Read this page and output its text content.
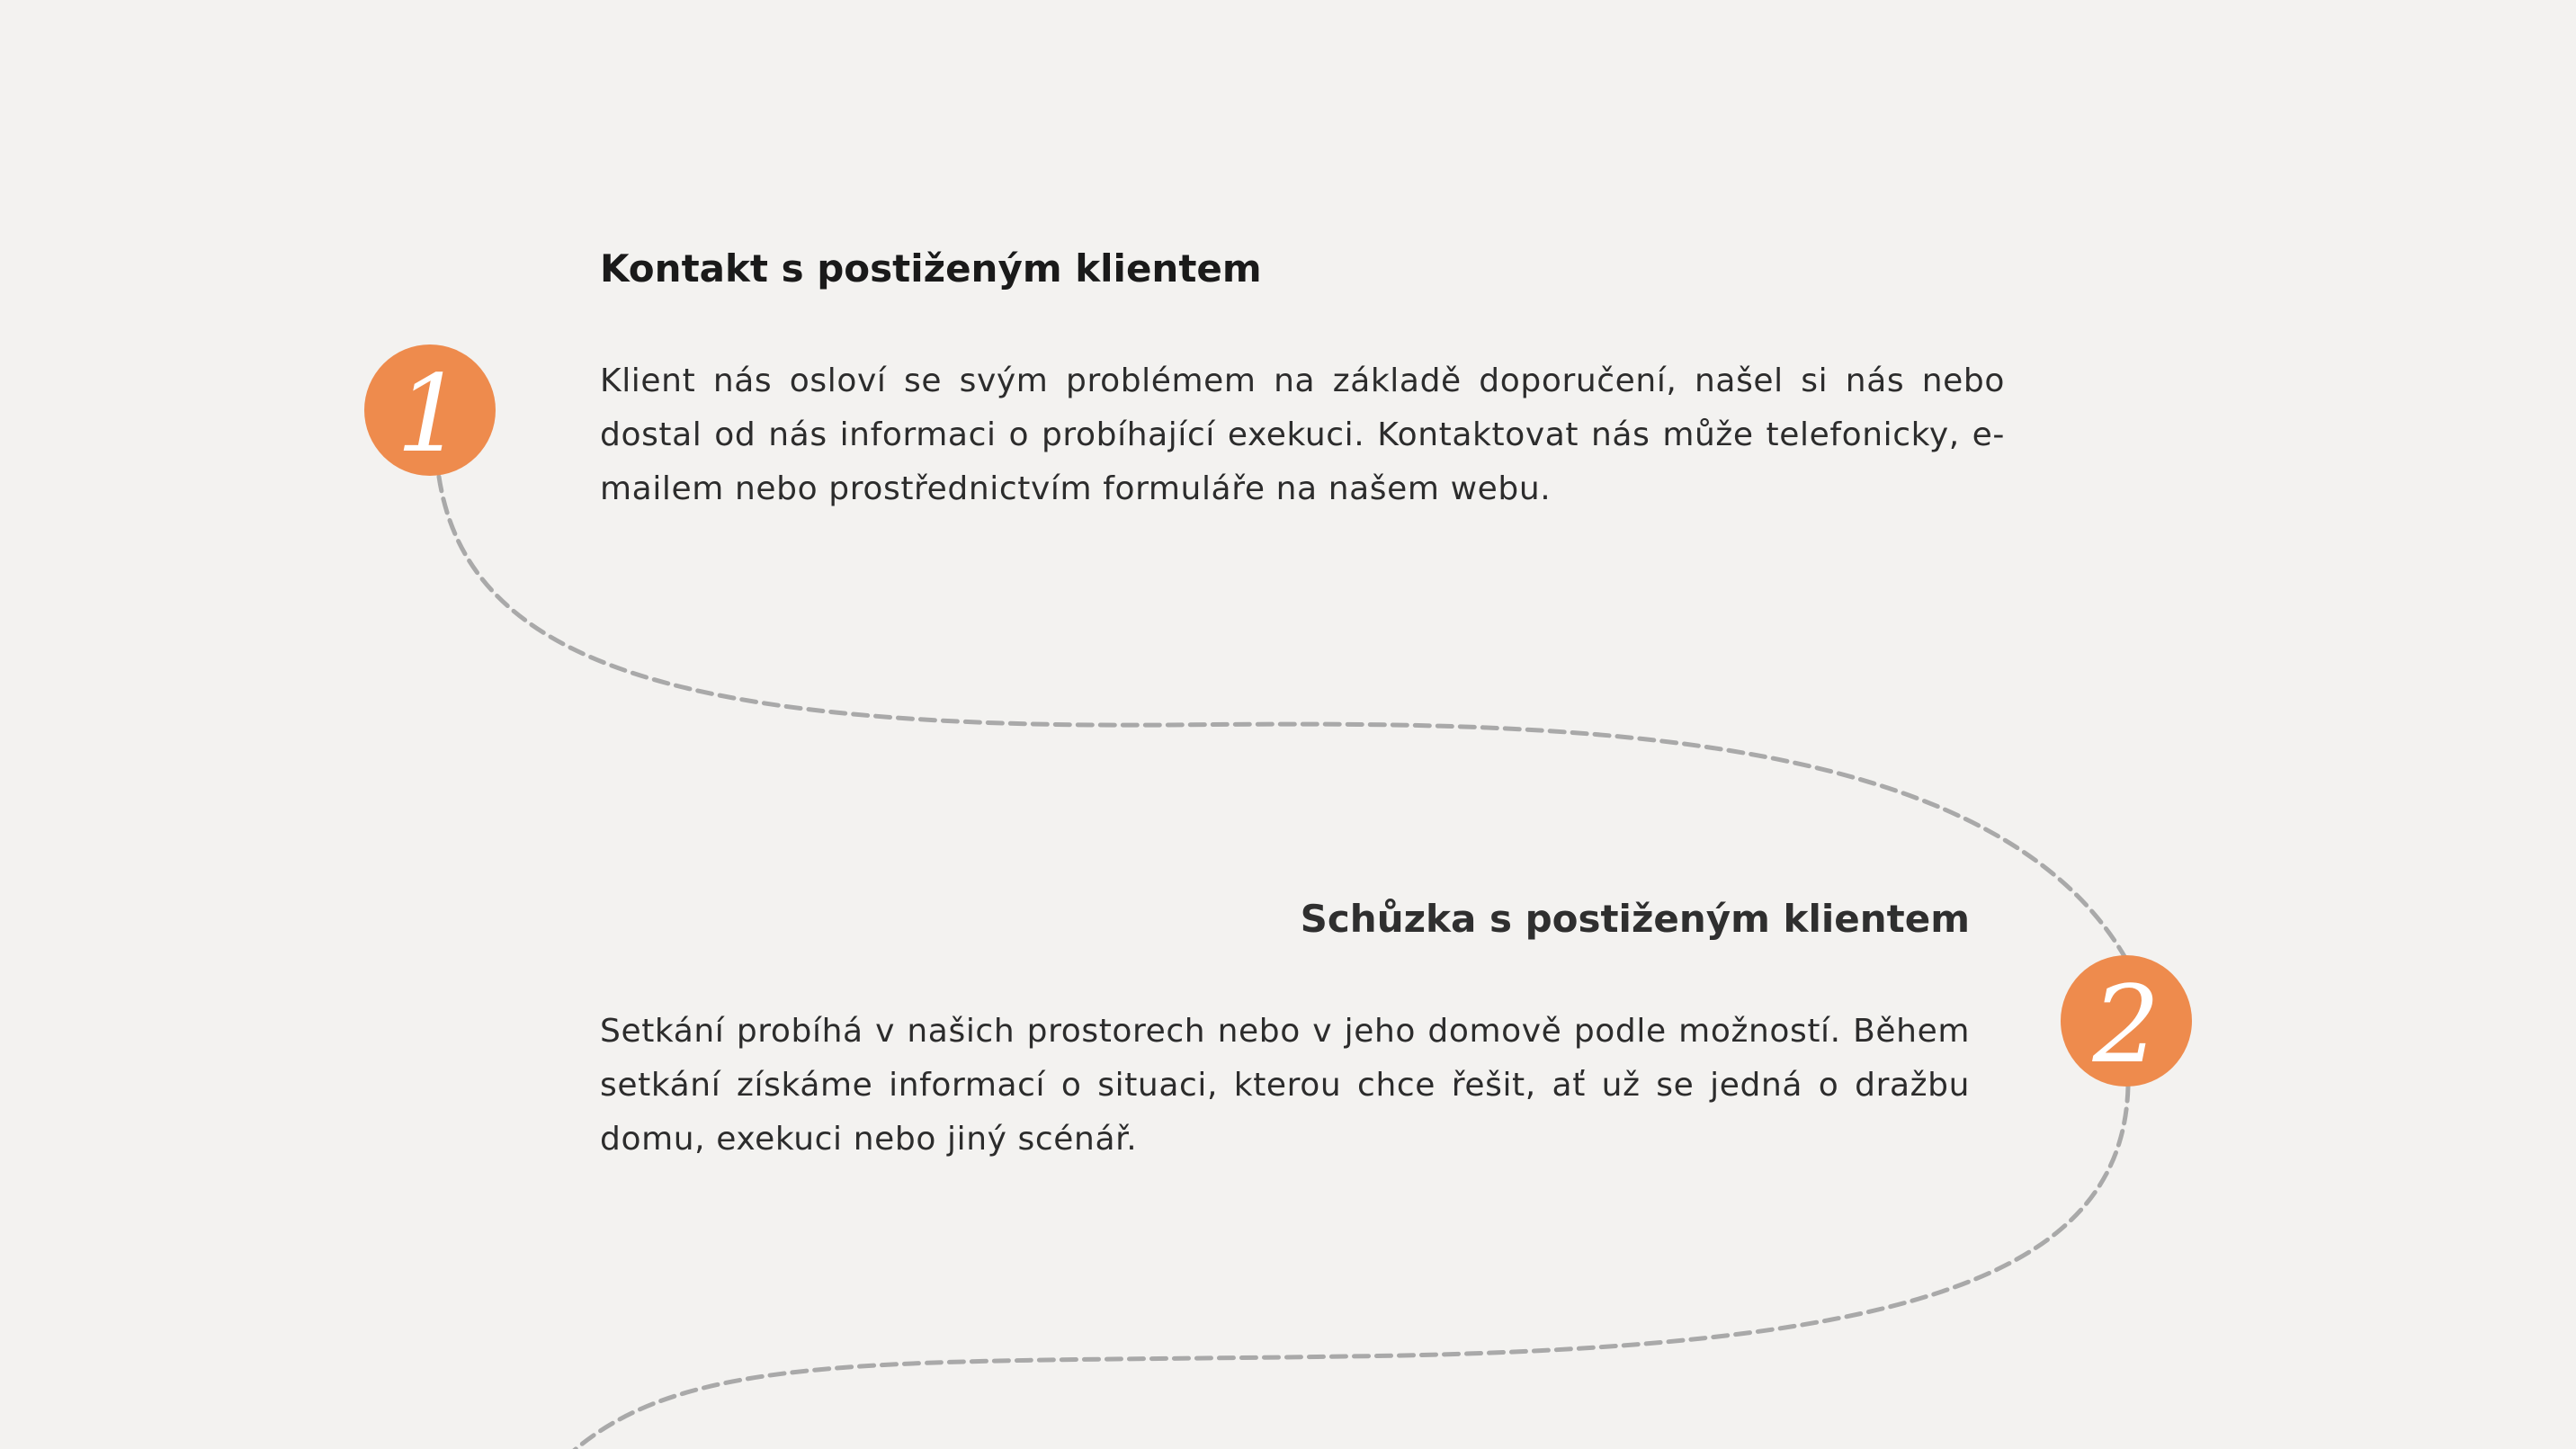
1
Kontakt s postiženým klientem

Klient nás osloví se svým problémem na základě doporučení, našel si nás nebo dostal od nás informaci o probíhající exekuci. Kontaktovat nás může telefonicky, e-mailem nebo prostřednictvím formuláře na našem webu.

Schůzka s postiženým klientem

Setkání probíhá v našich prostorech nebo v jeho domově podle možností. Během setkání získáme informací o situaci, kterou chce řešit, ať už se jedná o dražbu domu, exekuci nebo jiný scénář.

2
